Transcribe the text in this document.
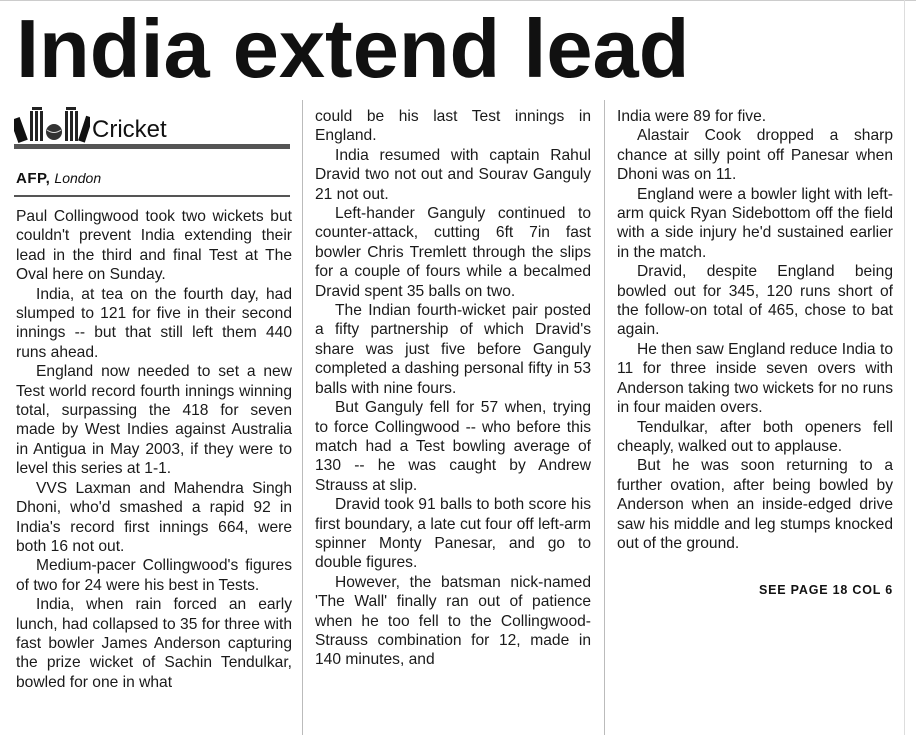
India extend lead
Cricket
AFP, London

Paul Collingwood took two wickets but couldn't prevent India extending their lead in the third and final Test at The Oval here on Sunday.

India, at tea on the fourth day, had slumped to 121 for five in their second innings -- but that still left them 440 runs ahead.

England now needed to set a new Test world record fourth innings winning total, surpassing the 418 for seven made by West Indies against Australia in Antigua in May 2003, if they were to level this series at 1-1.

VVS Laxman and Mahendra Singh Dhoni, who'd smashed a rapid 92 in India's record first innings 664, were both 16 not out.

Medium-pacer Collingwood's figures of two for 24 were his best in Tests.

India, when rain forced an early lunch, had collapsed to 35 for three with fast bowler James Anderson capturing the prize wicket of Sachin Tendulkar, bowled for one in what

could be his last Test innings in England.

India resumed with captain Rahul Dravid two not out and Sourav Ganguly 21 not out.

Left-hander Ganguly continued to counter-attack, cutting 6ft 7in fast bowler Chris Tremlett through the slips for a couple of fours while a becalmed Dravid spent 35 balls on two.

The Indian fourth-wicket pair posted a fifty partnership of which Dravid's share was just five before Ganguly completed a dashing personal fifty in 53 balls with nine fours.

But Ganguly fell for 57 when, trying to force Collingwood -- who before this match had a Test bowling average of 130 -- he was caught by Andrew Strauss at slip.

Dravid took 91 balls to both score his first boundary, a late cut four off left-arm spinner Monty Panesar, and go to double figures.

However, the batsman nick-named 'The Wall' finally ran out of patience when he too fell to the Collingwood-Strauss combination for 12, made in 140 minutes, and

India were 89 for five.

Alastair Cook dropped a sharp chance at silly point off Panesar when Dhoni was on 11.

England were a bowler light with left-arm quick Ryan Sidebottom off the field with a side injury he'd sustained earlier in the match.

Dravid, despite England being bowled out for 345, 120 runs short of the follow-on total of 465, chose to bat again.

He then saw England reduce India to 11 for three inside seven overs with Anderson taking two wickets for no runs in four maiden overs.

Tendulkar, after both openers fell cheaply, walked out to applause.

But he was soon returning to a further ovation, after being bowled by Anderson when an inside-edged drive saw his middle and leg stumps knocked out of the ground.

SEE PAGE 18 COL 6
